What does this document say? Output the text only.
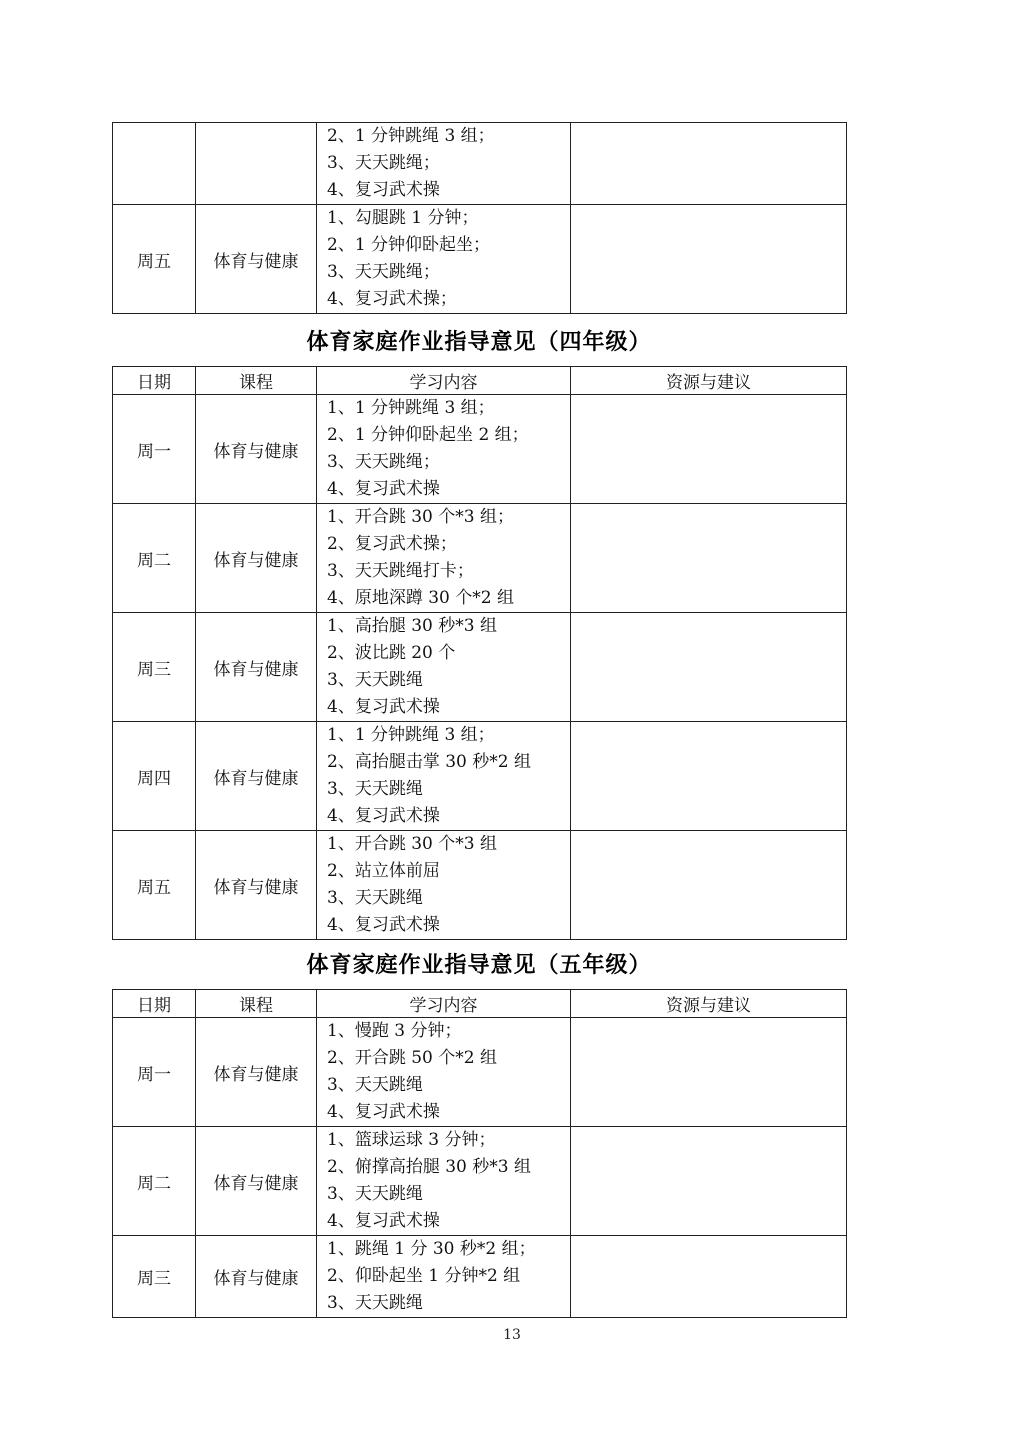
		2、1 分钟跳绳 3 组；
3、天天跳绳；
4、复习武术操	

周五	体育与健康	1、勾腿跳 1 分钟；
2、1 分钟仰卧起坐；
3、天天跳绳；
4、复习武术操；	

体育家庭作业指导意见（四年级）
日期	课程	学习内容	资源与建议
周一	体育与健康	1、1 分钟跳绳 3 组；
2、1 分钟仰卧起坐 2 组；
3、天天跳绳；
4、复习武术操	

周二	体育与健康	1、开合跳 30 个*3 组；
2、复习武术操；
3、天天跳绳打卡；
4、原地深蹲 30 个*2 组	

周三	体育与健康	1、高抬腿 30 秒*3 组
2、波比跳 20 个
3、天天跳绳
4、复习武术操	

周四	体育与健康	1、1 分钟跳绳 3 组；
2、高抬腿击掌 30 秒*2 组
3、天天跳绳
4、复习武术操	

周五	体育与健康	1、开合跳 30 个*3 组
2、站立体前屈
3、天天跳绳
4、复习武术操	

体育家庭作业指导意见（五年级）
日期	课程	学习内容	资源与建议
周一	体育与健康	1、慢跑 3 分钟；
2、开合跳 50 个*2 组
3、天天跳绳
4、复习武术操	

周二	体育与健康	1、篮球运球 3 分钟；
2、俯撑高抬腿 30 秒*3 组
3、天天跳绳
4、复习武术操	

周三	体育与健康	1、跳绳 1 分 30 秒*2 组；
2、仰卧起坐 1 分钟*2 组
3、天天跳绳	

13
